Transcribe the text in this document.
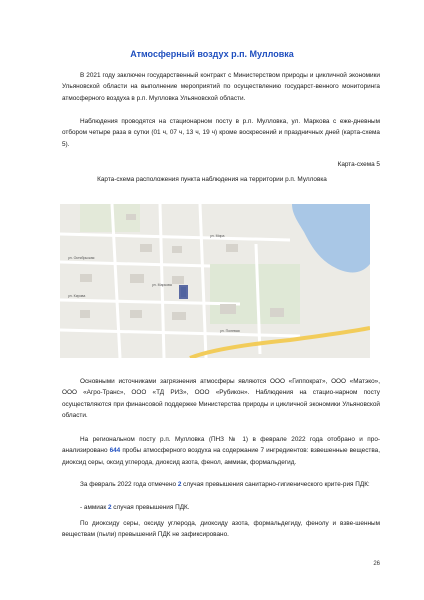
Атмосферный воздух р.п. Мулловка

В 2021 году заключен государственный контракт с Министерством природы и цикличной экономики Ульяновской области на выполнение мероприятий по осуществлению государст-венного мониторинга атмосферного воздуха в р.п. Мулловка Ульяновской области.

Наблюдения проводятся на стационарном посту в р.п. Мулловка, ул. Маркова с еже-дневным отбором четыре раза в сутки (01 ч, 07 ч, 13 ч, 19 ч) кроме воскресений и праздничных дней (карта-схема 5).

Карта-схема 5
Карта-схема расположения пункта наблюдения на территории р.п. Мулловка
ул. Маркова
ул. Октябрьская
ул. Кирова
ул. Полевая
ул. Мира

Основными источниками загрязнения атмосферы являются ООО «Гиппократ», ООО «Матэко», ООО «Агро-Транс», ООО «ТД РИЗ», ООО «Рубикон». Наблюдения на стацио-нарном посту осуществляются при финансовой поддержке Министерства природы и цикличной экономики Ульяновской области.

На региональном посту р.п. Мулловка (ПНЗ № 1) в феврале 2022 года отобрано и про-анализировано 644 пробы атмосферного воздуха на содержание 7 ингредиентов: взвешенные вещества, диоксид серы, оксид углерода, диоксид азота, фенол, аммиак, формальдегид.

За февраль 2022 года отмечено 2 случая превышения санитарно-гигиенического крите-рия ПДК:

- аммиак 2 случая превышения ПДК.

По диоксиду серы, оксиду углерода, диоксиду азота, формальдегиду, фенолу и взве-шенным веществам (пыли) превышений ПДК не зафиксировано.

26
